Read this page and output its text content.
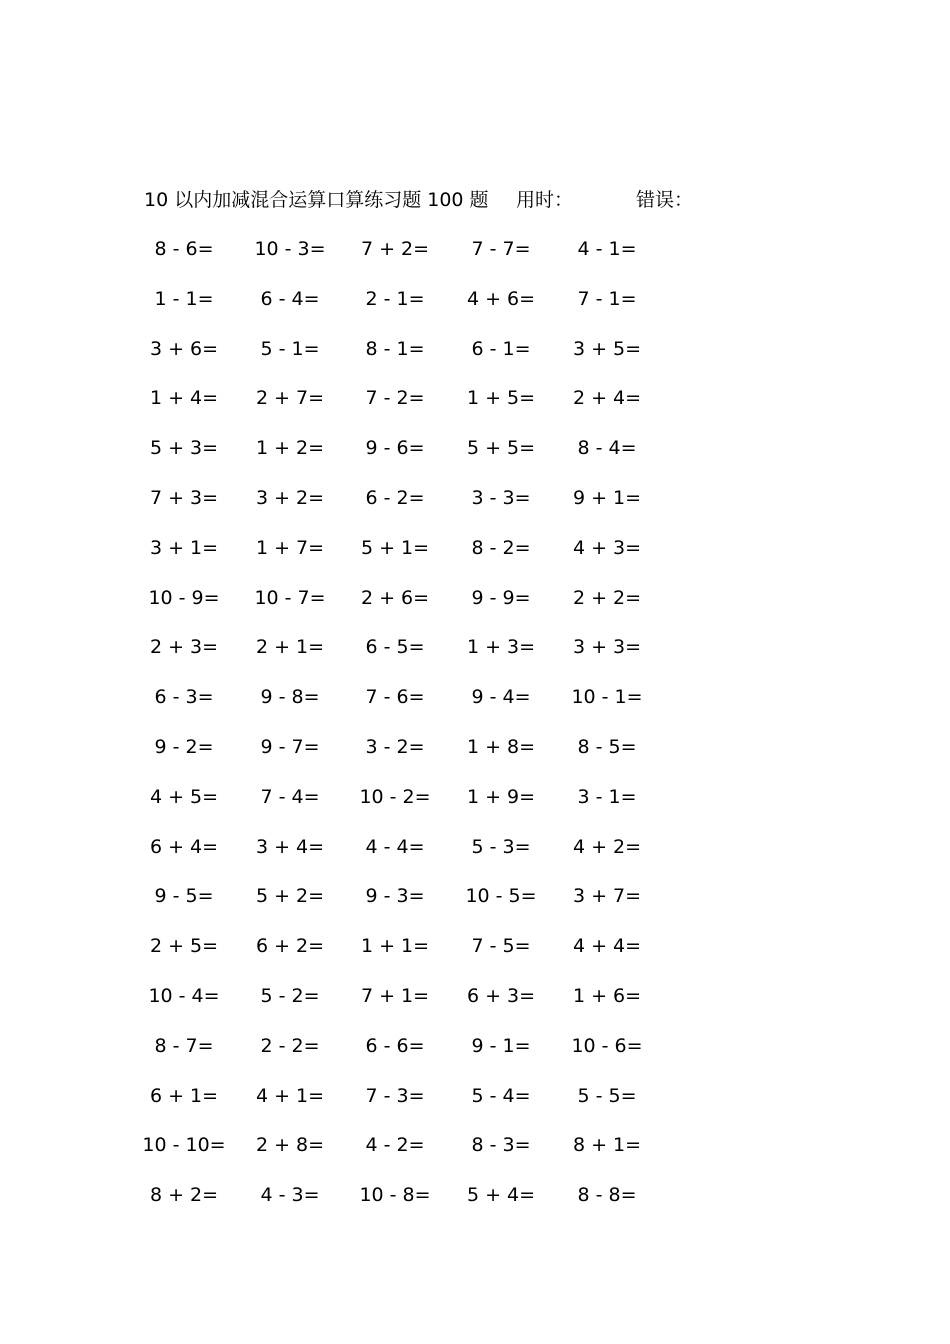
10 以内加减混合运算口算练习题 100 题 用时：	错误：
8 - 6=	10 - 3=	7 + 2=	7 - 7=	4 - 1=
1 - 1=	6 - 4=	2 - 1=	4 + 6=	7 - 1=
3 + 6=	5 - 1=	8 - 1=	6 - 1=	3 + 5=
1 + 4=	2 + 7=	7 - 2=	1 + 5=	2 + 4=
5 + 3=	1 + 2=	9 - 6=	5 + 5=	8 - 4=
7 + 3=	3 + 2=	6 - 2=	3 - 3=	9 + 1=
3 + 1=	1 + 7=	5 + 1=	8 - 2=	4 + 3=
10 - 9=	10 - 7=	2 + 6=	9 - 9=	2 + 2=
2 + 3=	2 + 1=	6 - 5=	1 + 3=	3 + 3=
6 - 3=	9 - 8=	7 - 6=	9 - 4=	10 - 1=
9 - 2=	9 - 7=	3 - 2=	1 + 8=	8 - 5=
4 + 5=	7 - 4=	10 - 2=	1 + 9=	3 - 1=
6 + 4=	3 + 4=	4 - 4=	5 - 3=	4 + 2=
9 - 5=	5 + 2=	9 - 3=	10 - 5=	3 + 7=
2 + 5=	6 + 2=	1 + 1=	7 - 5=	4 + 4=
10 - 4=	5 - 2=	7 + 1=	6 + 3=	1 + 6=
8 - 7=	2 - 2=	6 - 6=	9 - 1=	10 - 6=
6 + 1=	4 + 1=	7 - 3=	5 - 4=	5 - 5=
10 - 10=	2 + 8=	4 - 2=	8 - 3=	8 + 1=
8 + 2=	4 - 3=	10 - 8=	5 + 4=	8 - 8=
